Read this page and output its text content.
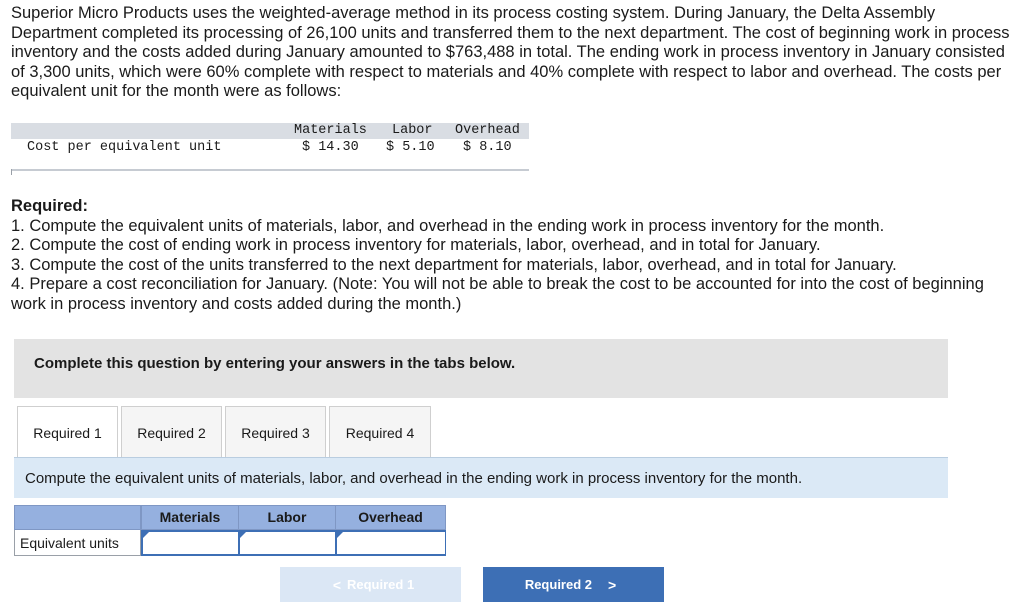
Superior Micro Products uses the weighted-average method in its process costing system. During January, the Delta Assembly Department completed its processing of 26,100 units and transferred them to the next department. The cost of beginning work in process inventory and the costs added during January amounted to $763,488 in total. The ending work in process inventory in January consisted of 3,300 units, which were 60% complete with respect to materials and 40% complete with respect to labor and overhead. The costs per equivalent unit for the month were as follows:
Materials Labor Overhead
Cost per equivalent unit	$ 14.30 $ 5.10 $ 8.10
Required:
1. Compute the equivalent units of materials, labor, and overhead in the ending work in process inventory for the month.
2. Compute the cost of ending work in process inventory for materials, labor, overhead, and in total for January.
3. Compute the cost of the units transferred to the next department for materials, labor, overhead, and in total for January.
4. Prepare a cost reconciliation for January. (Note: You will not be able to break the cost to be accounted for into the cost of beginning work in process inventory and costs added during the month.)
Complete this question by entering your answers in the tabs below.
Required 1	Required 2	Required 3	Required 4
Compute the equivalent units of materials, labor, and overhead in the ending work in process inventory for the month.
Materials	Labor	Overhead
Equivalent units
< Required 1	Required 2 >
